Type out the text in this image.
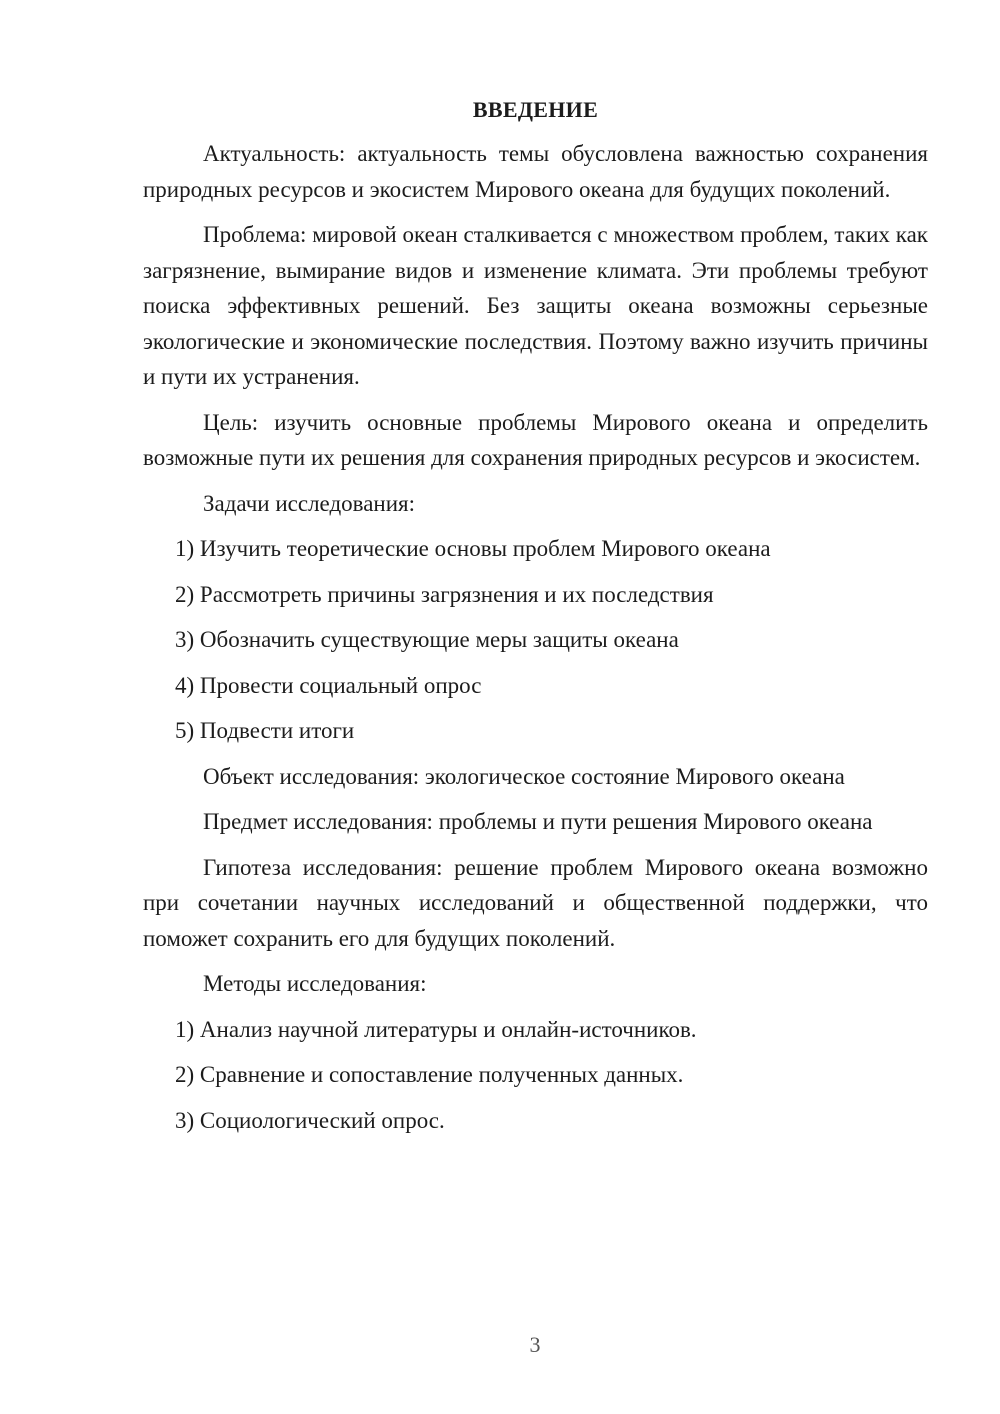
ВВЕДЕНИЕ

Актуальность: актуальность темы обусловлена важностью сохранения природных ресурсов и экосистем Мирового океана для будущих поколений.

Проблема: мировой океан сталкивается с множеством проблем, таких как загрязнение, вымирание видов и изменение климата. Эти проблемы требуют поиска эффективных решений. Без защиты океана возможны серьезные экологические и экономические последствия. Поэтому важно изучить причины и пути их устранения.

Цель: изучить основные проблемы Мирового океана и определить возможные пути их решения для сохранения природных ресурсов и экосистем.

Задачи исследования:
1) Изучить теоретические основы проблем Мирового океана
2) Рассмотреть причины загрязнения и их последствия
3) Обозначить существующие меры защиты океана
4) Провести социальный опрос
5) Подвести итоги
Объект исследования: экологическое состояние Мирового океана
Предмет исследования: проблемы и пути решения Мирового океана

Гипотеза исследования: решение проблем Мирового океана возможно при сочетании научных исследований и общественной поддержки, что поможет сохранить его для будущих поколений.

Методы исследования:
1) Анализ научной литературы и онлайн-источников.
2) Сравнение и сопоставление полученных данных.
3) Социологический опрос.
3
